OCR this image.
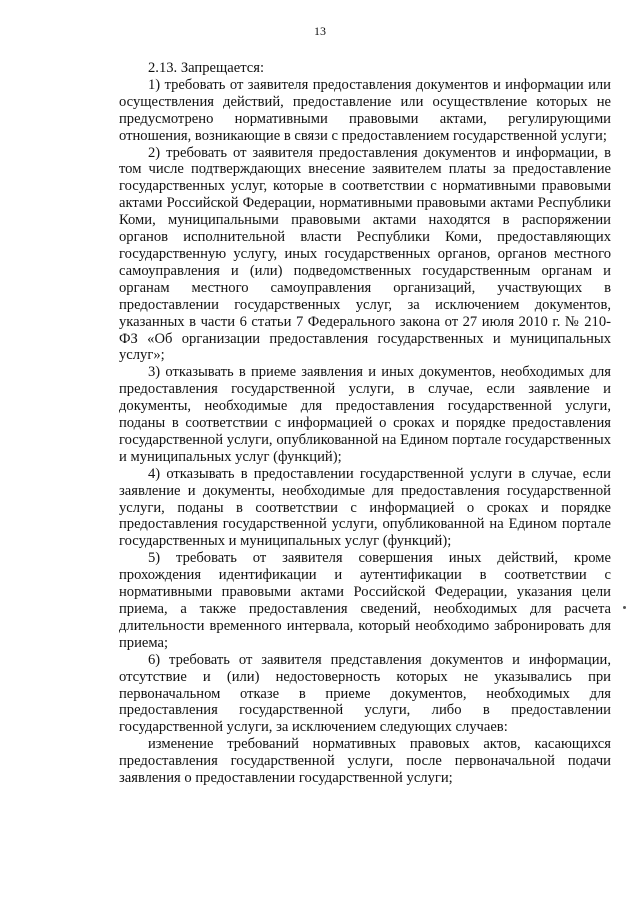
13

2.13. Запрещается:

1) требовать от заявителя предоставления документов и информации или осуществления действий, предоставление или осуществление которых не предусмотрено нормативными правовыми актами, регулирующими отношения, возникающие в связи с предоставлением государственной услуги;

2) требовать от заявителя предоставления документов и информации, в том числе подтверждающих внесение заявителем платы за предоставление государственных услуг, которые в соответствии с нормативными правовыми актами Российской Федерации, нормативными правовыми актами Республики Коми, муниципальными правовыми актами находятся в распоряжении органов исполнительной власти Республики Коми, предоставляющих государственную услугу, иных государственных органов, органов местного самоуправления и (или) подведомственных государственным органам и органам местного самоуправления организаций, участвующих в предоставлении государственных услуг, за исключением документов, указанных в части 6 статьи 7 Федерального закона от 27 июля 2010 г. № 210-ФЗ «Об организации предоставления государственных и муниципальных услуг»;

3) отказывать в приеме заявления и иных документов, необходимых для предоставления государственной услуги, в случае, если заявление и документы, необходимые для предоставления государственной услуги, поданы в соответствии с информацией о сроках и порядке предоставления государственной услуги, опубликованной на Едином портале государственных и муниципальных услуг (функций);

4) отказывать в предоставлении государственной услуги в случае, если заявление и документы, необходимые для предоставления государственной услуги, поданы в соответствии с информацией о сроках и порядке предоставления государственной услуги, опубликованной на Едином портале государственных и муниципальных услуг (функций);

5) требовать от заявителя совершения иных действий, кроме прохождения идентификации и аутентификации в соответствии с нормативными правовыми актами Российской Федерации, указания цели приема, а также предоставления сведений, необходимых для расчета длительности временного интервала, который необходимо забронировать для приема;

6) требовать от заявителя представления документов и информации, отсутствие и (или) недостоверность которых не указывались при первоначальном отказе в приеме документов, необходимых для предоставления государственной услуги, либо в предоставлении государственной услуги, за исключением следующих случаев:

изменение требований нормативных правовых актов, касающихся предоставления государственной услуги, после первоначальной подачи заявления о предоставлении государственной услуги;
